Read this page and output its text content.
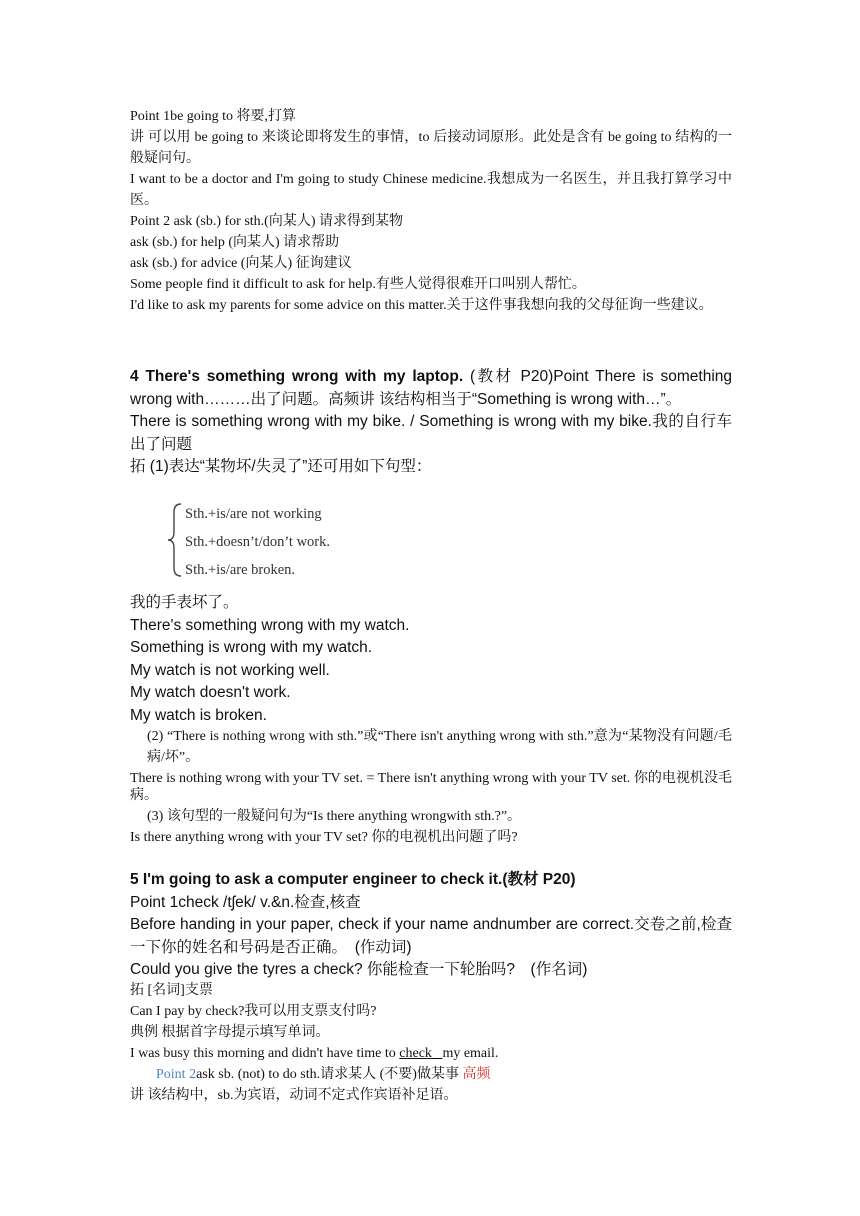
Point 1be going to 将要,打算

讲 可以用 be going to 来谈论即将发生的事情，to 后接动词原形。此处是含有 be going to 结构的一般疑问句。

I want to be a doctor and I'm going to study Chinese medicine.我想成为一名医生，并且我打算学习中医。

Point 2 ask (sb.) for sth.(向某人) 请求得到某物

ask (sb.) for help (向某人) 请求帮助

ask (sb.) for advice (向某人) 征询建议

Some people find it difficult to ask for help.有些人觉得很难开口叫别人帮忙。

I'd like to ask my parents for some advice on this matter.关于这件事我想向我的父母征询一些建议。

4 There's something wrong with my laptop. (教材 P20)Point There is something wrong with………出了问题。高频讲 该结构相当于“Something is wrong with…”。

There is something wrong with my bike. / Something is wrong with my bike.我的自行车出了问题

拓 (1)表达“某物坏/失灵了”还可用如下句型：

Sth.+is/are not working
Sth.+doesn’t/don’t work.
Sth.+is/are broken.

我的手表坏了。

There's something wrong with my watch.

Something is wrong with my watch.

My watch is not working well.

My watch doesn't work.

My watch is broken.

(2) “There is nothing wrong with sth.”或“There isn't anything wrong with sth.”意为“某物没有问题/毛病/坏”。

There is nothing wrong with your TV set. = There isn't anything wrong with your TV set. 你的电视机没毛病。

(3) 该句型的一般疑问句为“Is there anything wrongwith sth.?”。

Is there anything wrong with your TV set? 你的电视机出问题了吗?

5 I'm going to ask a computer engineer to check it.(教材 P20)

Point 1check /tʃek/ v.&n.检查,核查

Before handing in your paper, check if your name andnumber are correct.交卷之前,检查一下你的姓名和号码是否正确。　(作动词)

Could you give the tyres a check? 你能检查一下轮胎吗?　(作名词)

拓 [名词]支票

Can I pay by check?我可以用支票支付吗?

典例 根据首字母提示填写单词。

I was busy this morning and didn't have time to check my email.

Point 2ask sb. (not) to do sth.请求某人 (不要)做某事 高频

讲 该结构中，sb.为宾语，动词不定式作宾语补足语。
